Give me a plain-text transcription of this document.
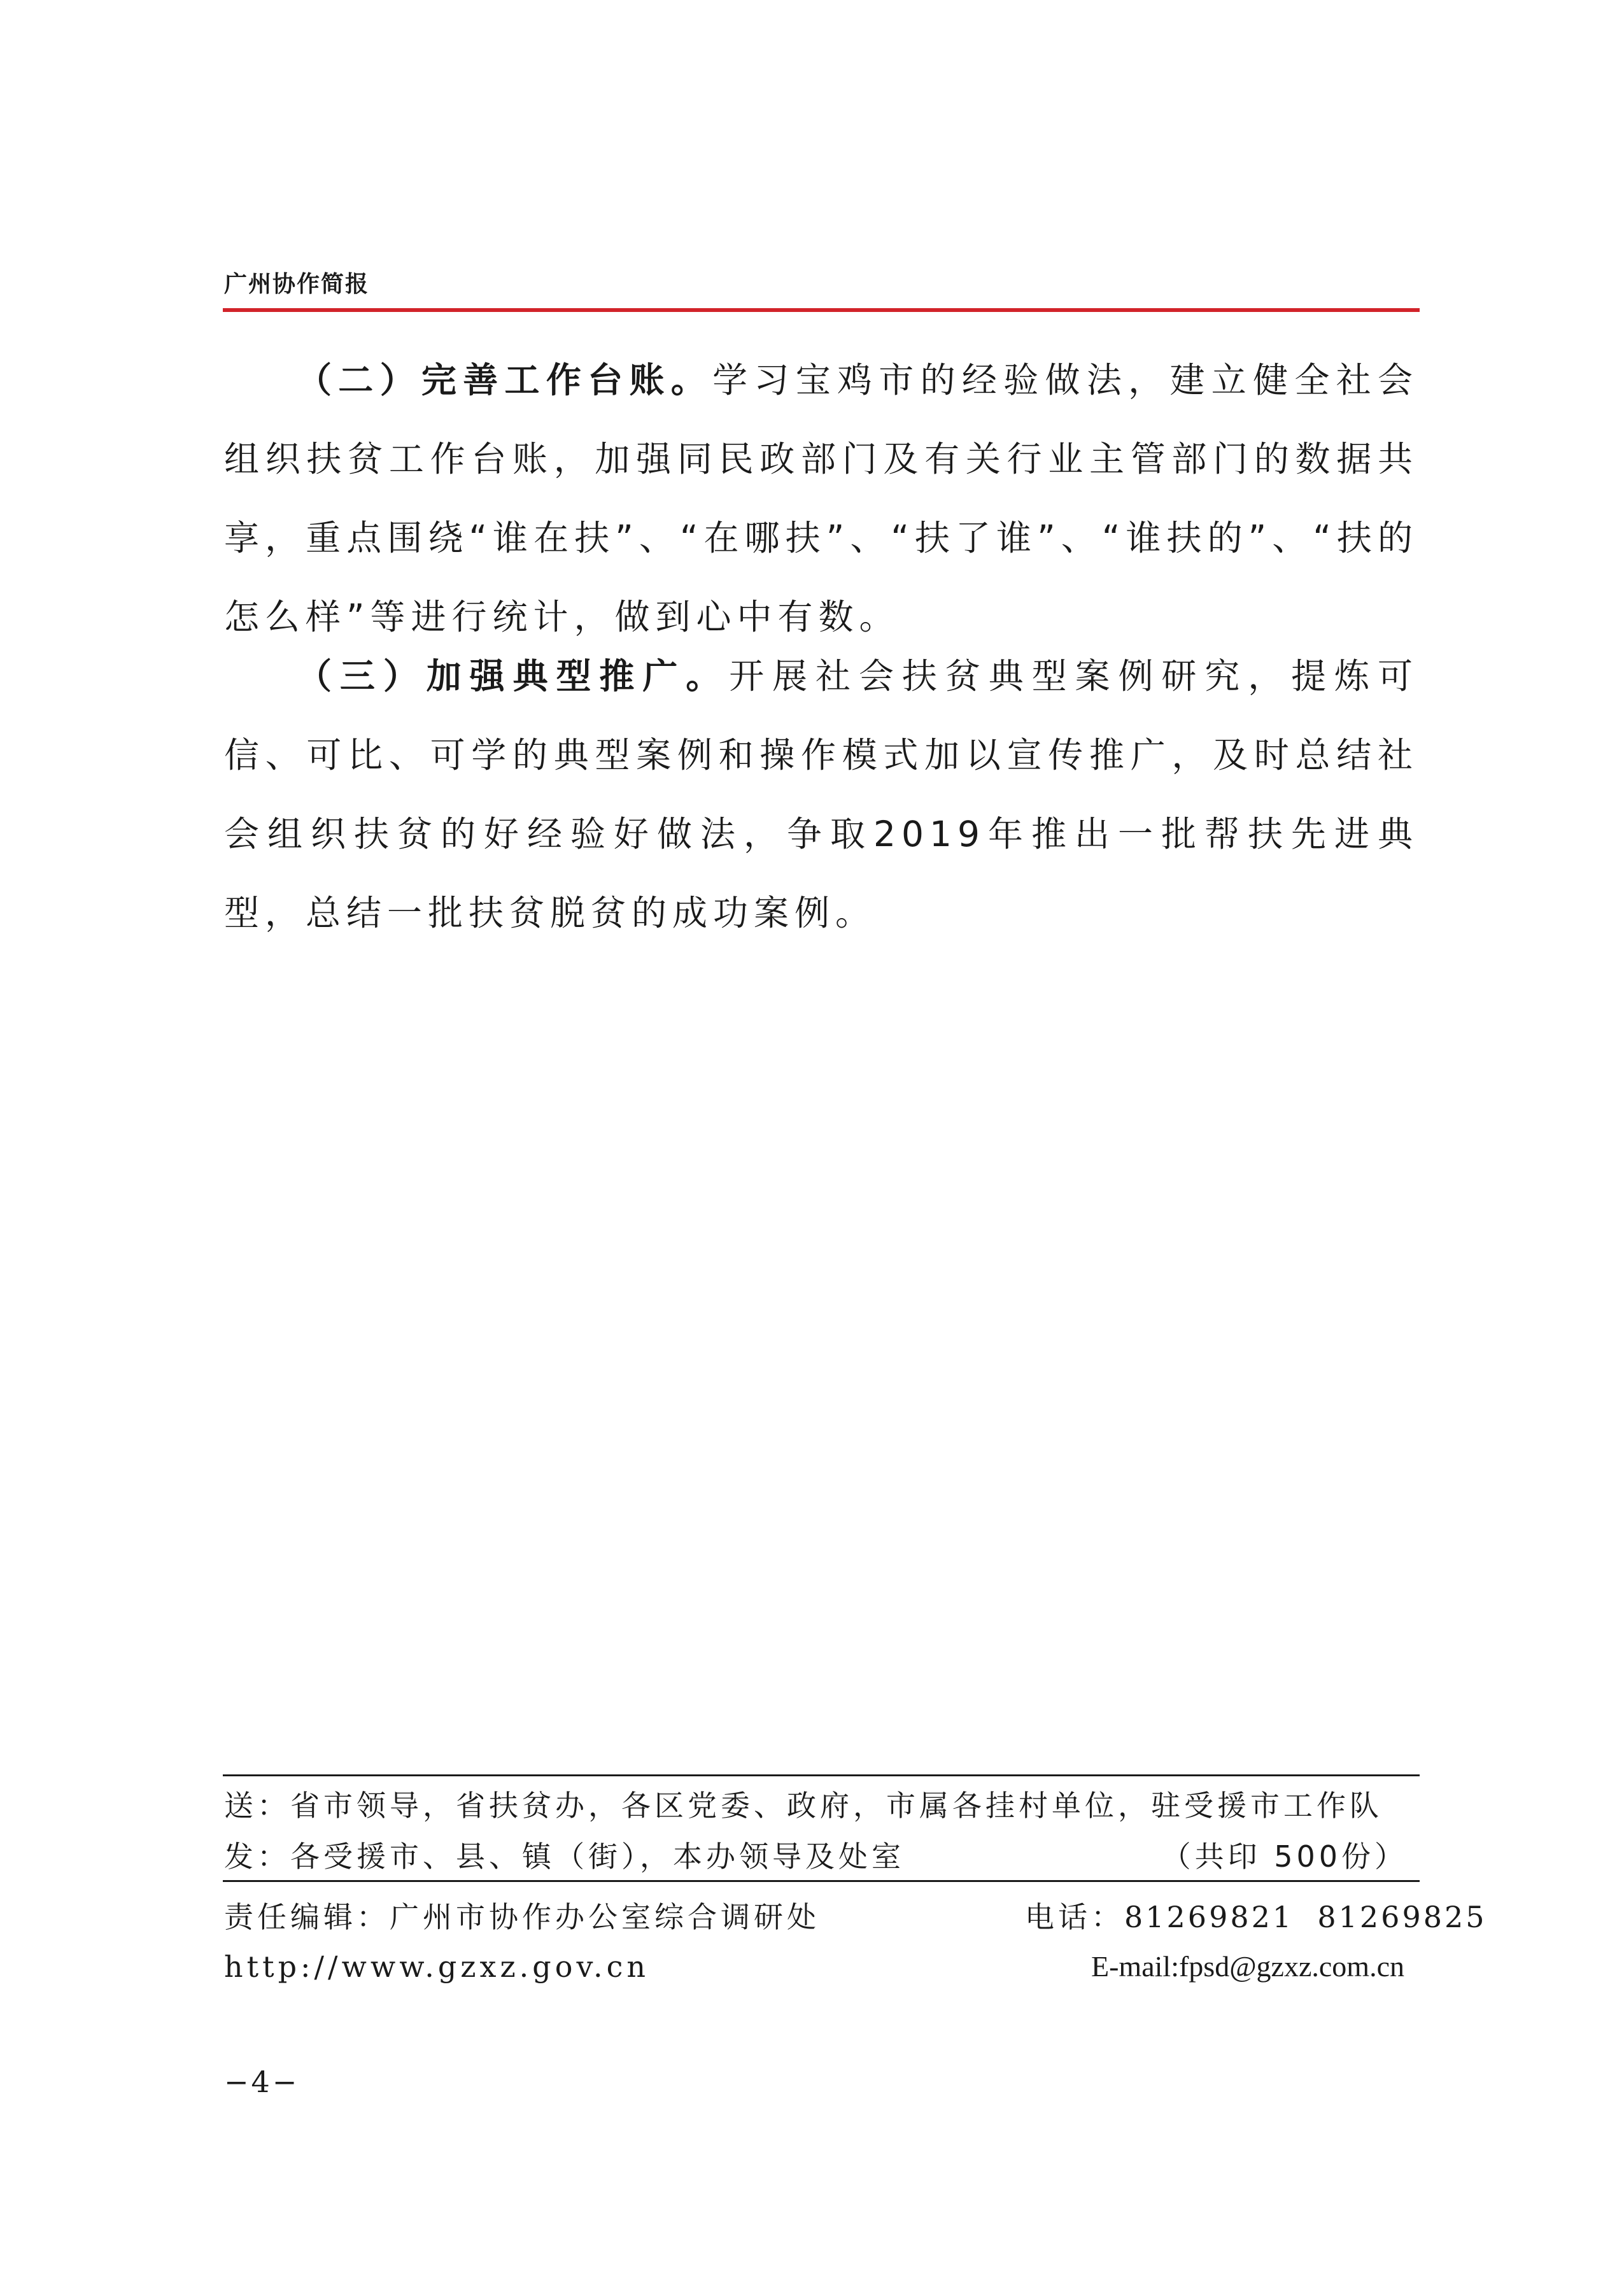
广州协作简报

（二）完善工作台账。学习宝鸡市的经验做法，建立健全社会组织扶贫工作台账，加强同民政部门及有关行业主管部门的数据共享，重点围绕“谁在扶”、“在哪扶”、“扶了谁”、“谁扶的”、“扶的怎么样”等进行统计，做到心中有数。

（三）加强典型推广。开展社会扶贫典型案例研究，提炼可信、可比、可学的典型案例和操作模式加以宣传推广，及时总结社会组织扶贫的好经验好做法，争取2019年推出一批帮扶先进典型，总结一批扶贫脱贫的成功案例。

送：省市领导，省扶贫办，各区党委、政府，市属各挂村单位，驻受援市工作队
发：各受援市、县、镇（街），本办领导及处室	（共印 500份）
责任编辑：广州市协作办公室综合调研处	电话：81269821  81269825
http://www.gzxz.gov.cn	E-mail:fpsd@gzxz.com.cn
−4−
